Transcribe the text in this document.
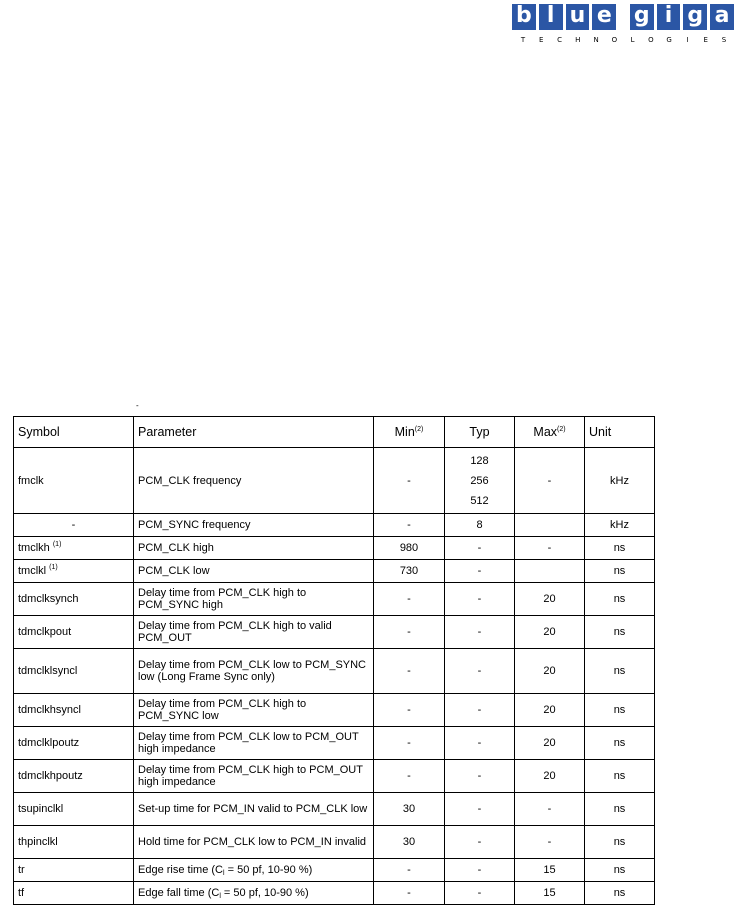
b l u e g i g a
T	E	C	H	N	O	L	O	G	I	E	S
-
Symbol	Parameter	Min$^{(2)}$	Typ	Max$^{(2)}$	Unit
fmclk	PCM_CLK frequency	-	128
256
512	-	kHz
-	PCM_SYNC frequency	-	8		kHz
tmclkh $^{(1)}$	PCM_CLK high	980	-	-	ns
tmclkl $^{(1)}$	PCM_CLK low	730	-		ns
tdmclksynch	Delay time from PCM_CLK high to PCM_SYNC high	-	-	20	ns
tdmclkpout	Delay time from PCM_CLK high to valid PCM_OUT	-	-	20	ns
tdmclklsyncl	Delay time from PCM_CLK low to PCM_SYNC low (Long Frame Sync only)	-	-	20	ns
tdmclkhsyncl	Delay time from PCM_CLK high to PCM_SYNC low	-	-	20	ns
tdmclklpoutz	Delay time from PCM_CLK low to PCM_OUT high impedance	-	-	20	ns
tdmclkhpoutz	Delay time from PCM_CLK high to PCM_OUT high impedance	-	-	20	ns
tsupinclkl	Set-up time for PCM_IN valid to PCM_CLK low	30	-	-	ns
thpinclkl	Hold time for PCM_CLK low to PCM_IN invalid	30	-	-	ns
tr	Edge rise time ($C_l = 50$ pf, 10-90 %)	-	-	15	ns
tf	Edge fall time ($C_l = 50$ pf, 10-90 %)	-	-	15	ns
